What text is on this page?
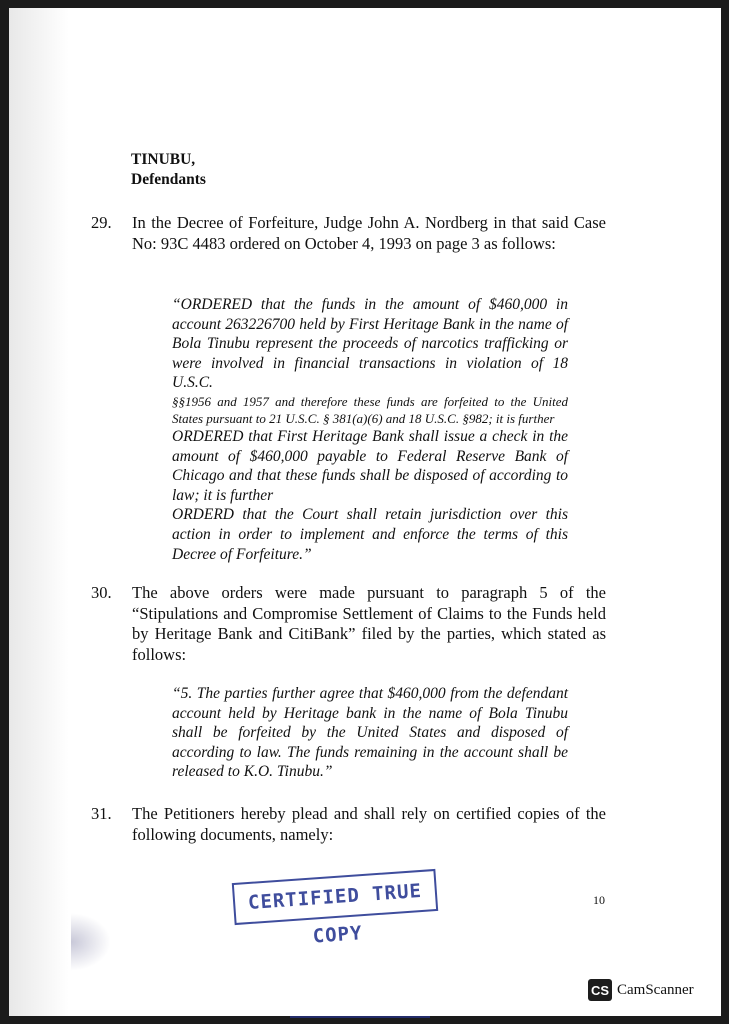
TINUBU,
Defendants
29. In the Decree of Forfeiture, Judge John A. Nordberg in that said Case No: 93C 4483 ordered on October 4, 1993 on page 3 as follows:
“ORDERED that the funds in the amount of $460,000 in account 263226700 held by First Heritage Bank in the name of Bola Tinubu represent the proceeds of narcotics trafficking or were involved in financial transactions in violation of 18 U.S.C.
§§1956 and 1957 and therefore these funds are forfeited to the United States pursuant to 21 U.S.C. § 381(a)(6) and 18 U.S.C. §982; it is further
ORDERED that First Heritage Bank shall issue a check in the amount of $460,000 payable to Federal Reserve Bank of Chicago and that these funds shall be disposed of according to law; it is further
ORDERD that the Court shall retain jurisdiction over this action in order to implement and enforce the terms of this Decree of Forfeiture.”
30. The above orders were made pursuant to paragraph 5 of the “Stipulations and Compromise Settlement of Claims to the Funds held by Heritage Bank and CitiBank” filed by the parties, which stated as follows:
“5. The parties further agree that $460,000 from the defendant account held by Heritage bank in the name of Bola Tinubu shall be forfeited by the United States and disposed of according to law. The funds remaining in the account shall be released to K.O. Tinubu.”
31. The Petitioners hereby plead and shall rely on certified copies of the following documents, namely:
CERTIFIED TRUE COPY
10
CS CamScanner
